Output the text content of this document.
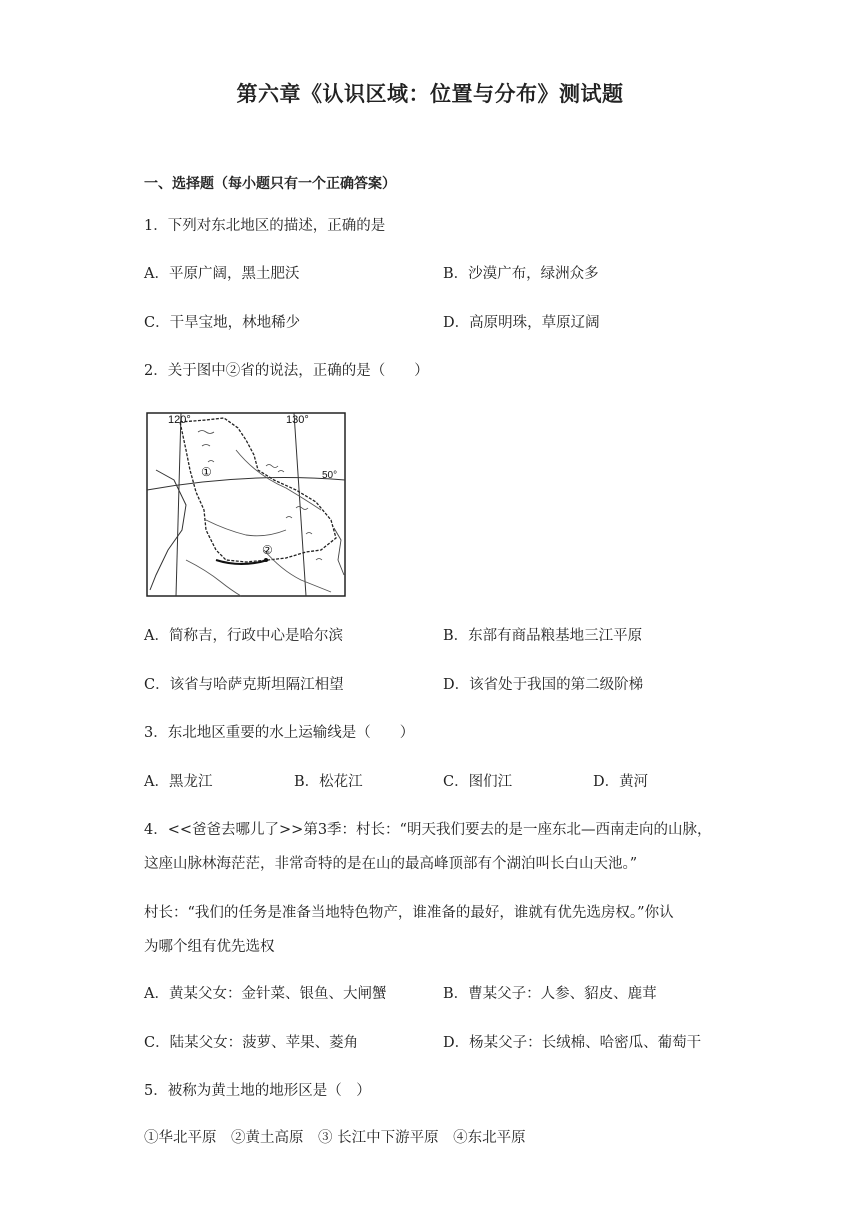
第六章《认识区域：位置与分布》测试题
一、选择题（每小题只有一个正确答案）
1．下列对东北地区的描述，正确的是
A．平原广阔，黑土肥沃	B．沙漠广布，绿洲众多
C．干旱宝地，林地稀少	D．高原明珠，草原辽阔
2．关于图中②省的说法，正确的是（　　）
120°	130°
50°
①
②
A．简称吉，行政中心是哈尔滨	B．东部有商品粮基地三江平原
C．该省与哈萨克斯坦隔江相望	D．该省处于我国的第二级阶梯
3．东北地区重要的水上运输线是（　　）
A．黑龙江	B．松花江	C．图们江	D．黄河
4．<<爸爸去哪儿了>>第3季：村长：“明天我们要去的是一座东北—西南走向的山脉，
这座山脉林海茫茫，非常奇特的是在山的最高峰顶部有个湖泊叫长白山天池。”
村长：“我们的任务是准备当地特色物产，谁准备的最好，谁就有优先选房权。”你认
为哪个组有优先选权
A．黄某父女：金针菜、银鱼、大闸蟹	B．曹某父子：人参、貂皮、鹿茸
C．陆某父女：菠萝、苹果、菱角	D．杨某父子：长绒棉、哈密瓜、葡萄干
5．被称为黄土地的地形区是（　）
①华北平原　②黄土高原　③ 长江中下游平原　④东北平原
